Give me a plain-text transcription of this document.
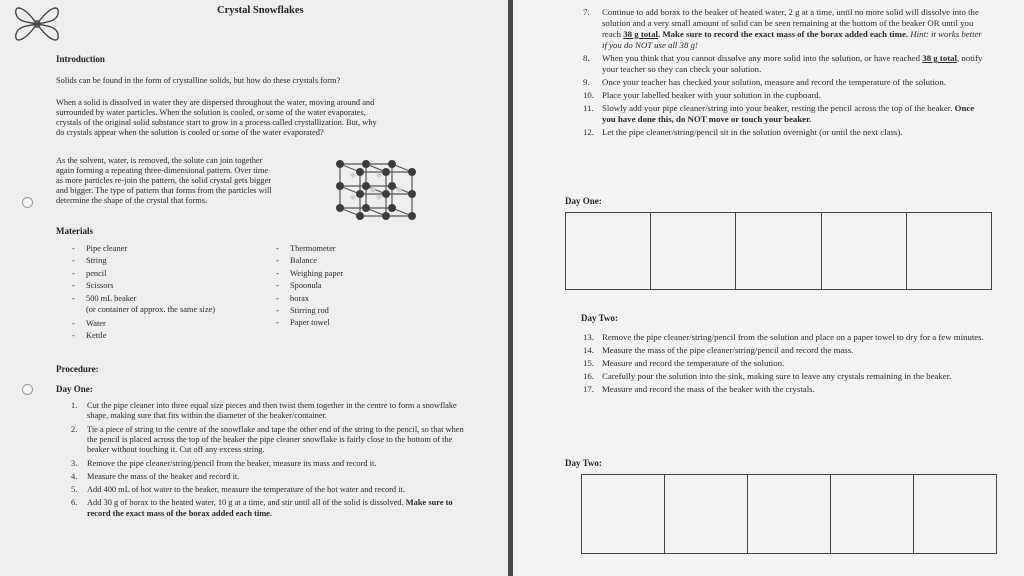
Crystal Snowflakes
Introduction
Solids can be found in the form of crystalline solids, but how do these crystals form?
When a solid is dissolved in water they are dispersed throughout the water, moving around and
surrounded by water particles. When the solution is cooled, or some of the water evaporates,
crystals of the original solid substance start to grow in a process called crystallization. But, why
do crystals appear when the solution is cooled or some of the water evaporated?
As the solvent, water, is removed, the solute can join together
again forming a repeating three-dimensional pattern. Over time
as more particles re-join the pattern, the solid crystal gets bigger
and bigger. The type of pattern that forms from the particles will
determine the shape of the crystal that forms.
Materials
- Pipe cleaner
- String
- pencil
- Scissors
- 500 mL beaker
(or container of approx. the same size)
- Water
- Kettle
- Thermometer
- Balance
- Weighing paper
- Spoonula
- borax
- Stirring rod
- Paper towel
Procedure:
Day One:
1. Cut the pipe cleaner into three equal size pieces and then twist them together in the centre to form a snowflake shape, making sure that fits within the diameter of the beaker/container.
2. Tie a piece of string to the centre of the snowflake and tape the other end of the string to the pencil, so that when the pencil is placed across the top of the beaker the pipe cleaner snowflake is fairly close to the bottom of the beaker without touching it. Cut off any excess string.
3. Remove the pipe cleaner/string/pencil from the beaker, measure its mass and record it.
4. Measure the mass of the beaker and record it.
5. Add 400 mL of hot water to the beaker, measure the temperature of the hot water and record it.
6. Add 30 g of borax to the heated water, 10 g at a time, and stir until all of the solid is dissolved. Make sure to record the exact mass of the borax added each time.
7. Continue to add borax to the beaker of heated water, 2 g at a time, until no more solid will dissolve into the solution and a very small amount of solid can be seen remaining at the bottom of the beaker OR until you reach 38 g total. Make sure to record the exact mass of the borax added each time. Hint: it works better if you do NOT use all 38 g!
8. When you think that you cannot dissolve any more solid into the solution, or have reached 38 g total, notify your teacher so they can check your solution.
9. Once your teacher has checked your solution, measure and record the temperature of the solution.
10. Place your labelled beaker with your solution in the cupboard.
11. Slowly add your pipe cleaner/string into your beaker, resting the pencil across the top of the beaker. Once you have done this, do NOT move or touch your beaker.
12. Let the pipe cleaner/string/pencil sit in the solution overnight (or until the next class).
Day One:
Day Two:
13. Remove the pipe cleaner/string/pencil from the solution and place on a paper towel to dry for a few minutes.
14. Measure the mass of the pipe cleaner/string/pencil and record the mass.
15. Measure and record the temperature of the solution.
16. Carefully pour the solution into the sink, making sure to leave any crystals remaining in the beaker.
17. Measure and record the mass of the beaker with the crystals.
Day Two:
